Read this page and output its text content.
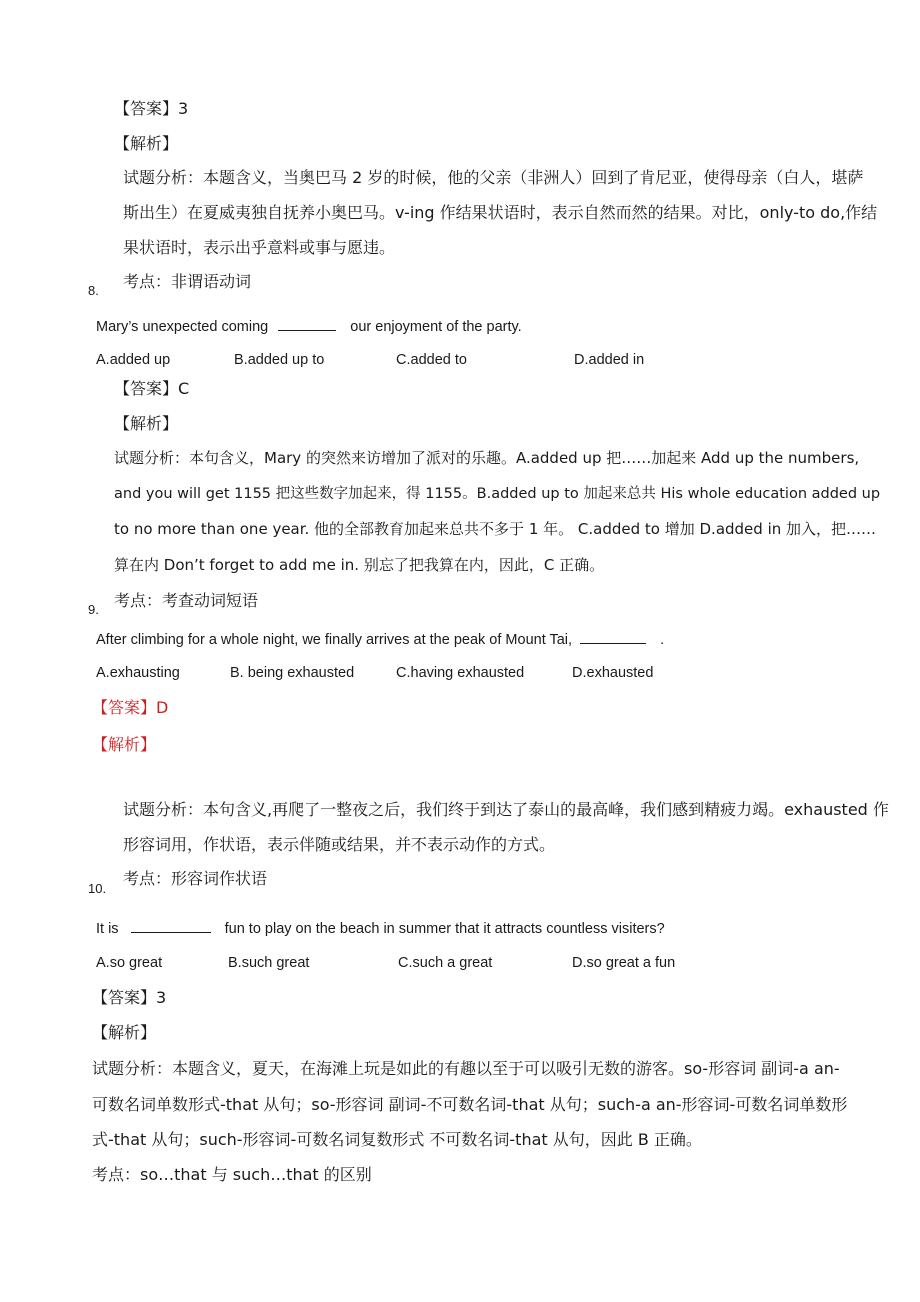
【答案】3
【解析】
试题分析：本题含义，当奥巴马 2 岁的时候，他的父亲（非洲人）回到了肯尼亚，使得母亲（白人，堪萨
斯出生）在夏威夷独自抚养小奥巴马。v-ing 作结果状语时，表示自然而然的结果。对比，only-to do,作结
果状语时，表示出乎意料或事与愿违。
考点：非谓语动词
8.
Mary’s unexpected coming	our enjoyment of the party.
A.added up	B.added up to	C.added to	D.added in
【答案】C
【解析】
试题分析：本句含义，Mary 的突然来访增加了派对的乐趣。A.added up 把……加起来 Add up the numbers,
and you will get 1155 把这些数字加起来，得 1155。B.added up to 加起来总共 His whole education added up
to no more than one year. 他的全部教育加起来总共不多于 1 年。 C.added to 增加 D.added in 加入，把……
算在内 Don’t forget to add me in. 别忘了把我算在内，因此，C 正确。
考点：考查动词短语
9.
After climbing for a whole night, we finally arrives at the peak of Mount Tai,	.
A.exhausting	B. being exhausted	C.having exhausted	D.exhausted
【答案】D
【解析】
试题分析：本句含义,再爬了一整夜之后，我们终于到达了泰山的最高峰，我们感到精疲力竭。exhausted 作
形容词用，作状语，表示伴随或结果，并不表示动作的方式。
考点：形容词作状语
10.
It is	fun to play on the beach in summer that it attracts countless visiters?
A.so great	B.such great	C.such a great	D.so great a fun
【答案】3
【解析】
试题分析：本题含义，夏天，在海滩上玩是如此的有趣以至于可以吸引无数的游客。so-形容词 副词-a an-
可数名词单数形式-that 从句；so-形容词 副词-不可数名词-that 从句；such-a an-形容词-可数名词单数形
式-that 从句；such-形容词-可数名词复数形式 不可数名词-that 从句，因此 B 正确。
考点：so…that 与 such…that 的区别
